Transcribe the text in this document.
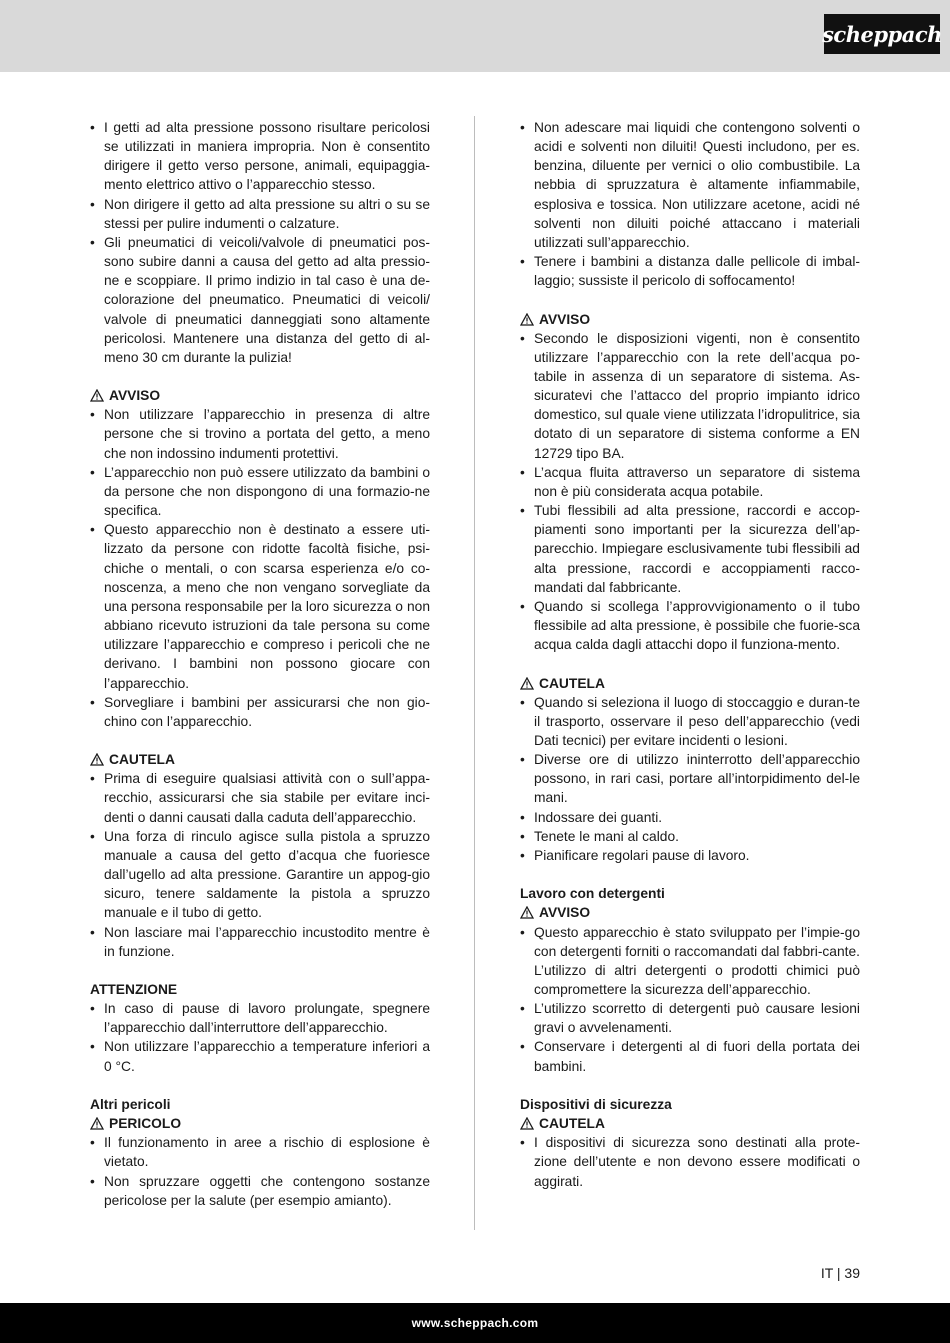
scheppach
• I getti ad alta pressione possono risultare pericolosi se utilizzati in maniera impropria. Non è consentito dirigere il getto verso persone, animali, equipaggia-mento elettrico attivo o l’apparecchio stesso.
• Non dirigere il getto ad alta pressione su altri o su se stessi per pulire indumenti o calzature.
• Gli pneumatici di veicoli/valvole di pneumatici pos-sono subire danni a causa del getto ad alta pressio-ne e scoppiare. Il primo indizio in tal caso è una de-colorazione del pneumatico. Pneumatici di veicoli/ valvole di pneumatici danneggiati sono altamente pericolosi. Mantenere una distanza del getto di al-meno 30 cm durante la pulizia!
AVVISO
• Non utilizzare l’apparecchio in presenza di altre persone che si trovino a portata del getto, a meno che non indossino indumenti protettivi.
• L’apparecchio non può essere utilizzato da bambini o da persone che non dispongono di una formazio-ne specifica.
• Questo apparecchio non è destinato a essere uti-lizzato da persone con ridotte facoltà fisiche, psi-chiche o mentali, o con scarsa esperienza e/o co-noscenza, a meno che non vengano sorvegliate da una persona responsabile per la loro sicurezza o non abbiano ricevuto istruzioni da tale persona su come utilizzare l’apparecchio e compreso i pericoli che ne derivano. I bambini non possono giocare con l’apparecchio.
• Sorvegliare i bambini per assicurarsi che non gio-chino con l’apparecchio.
CAUTELA
• Prima di eseguire qualsiasi attività con o sull’appa-recchio, assicurarsi che sia stabile per evitare inci-denti o danni causati dalla caduta dell’apparecchio.
• Una forza di rinculo agisce sulla pistola a spruzzo manuale a causa del getto d’acqua che fuoriesce dall’ugello ad alta pressione. Garantire un appog-gio sicuro, tenere saldamente la pistola a spruzzo manuale e il tubo di getto.
• Non lasciare mai l’apparecchio incustodito mentre è in funzione.
ATTENZIONE
• In caso di pause di lavoro prolungate, spegnere l’apparecchio dall’interruttore dell’apparecchio.
• Non utilizzare l’apparecchio a temperature inferiori a 0 °C.
Altri pericoli
PERICOLO
• Il funzionamento in aree a rischio di esplosione è vietato.
• Non spruzzare oggetti che contengono sostanze pericolose per la salute (per esempio amianto).
• Non adescare mai liquidi che contengono solventi o acidi e solventi non diluiti! Questi includono, per es. benzina, diluente per vernici o olio combustibile. La nebbia di spruzzatura è altamente infiammabile, esplosiva e tossica. Non utilizzare acetone, acidi né solventi non diluiti poiché attaccano i materiali utilizzati sull’apparecchio.
• Tenere i bambini a distanza dalle pellicole di imbal-laggio; sussiste il pericolo di soffocamento!
AVVISO
• Secondo le disposizioni vigenti, non è consentito utilizzare l’apparecchio con la rete dell’acqua po-tabile in assenza di un separatore di sistema. As-sicuratevi che l’attacco del proprio impianto idrico domestico, sul quale viene utilizzata l’idropulitrice, sia dotato di un separatore di sistema conforme a EN 12729 tipo BA.
• L’acqua fluita attraverso un separatore di sistema non è più considerata acqua potabile.
• Tubi flessibili ad alta pressione, raccordi e accop-piamenti sono importanti per la sicurezza dell’ap-parecchio. Impiegare esclusivamente tubi flessibili ad alta pressione, raccordi e accoppiamenti racco-mandati dal fabbricante.
• Quando si scollega l’approvvigionamento o il tubo flessibile ad alta pressione, è possibile che fuorie-sca acqua calda dagli attacchi dopo il funziona-mento.
CAUTELA
• Quando si seleziona il luogo di stoccaggio e duran-te il trasporto, osservare il peso dell’apparecchio (vedi Dati tecnici) per evitare incidenti o lesioni.
• Diverse ore di utilizzo ininterrotto dell’apparecchio possono, in rari casi, portare all’intorpidimento del-le mani.
• Indossare dei guanti.
• Tenete le mani al caldo.
• Pianificare regolari pause di lavoro.
Lavoro con detergenti
AVVISO
• Questo apparecchio è stato sviluppato per l’impie-go con detergenti forniti o raccomandati dal fabbri-cante. L’utilizzo di altri detergenti o prodotti chimici può compromettere la sicurezza dell’apparecchio.
• L’utilizzo scorretto di detergenti può causare lesioni gravi o avvelenamenti.
• Conservare i detergenti al di fuori della portata dei bambini.
Dispositivi di sicurezza
CAUTELA
• I dispositivi di sicurezza sono destinati alla prote-zione dell’utente e non devono essere modificati o aggirati.
IT | 39
www.scheppach.com
